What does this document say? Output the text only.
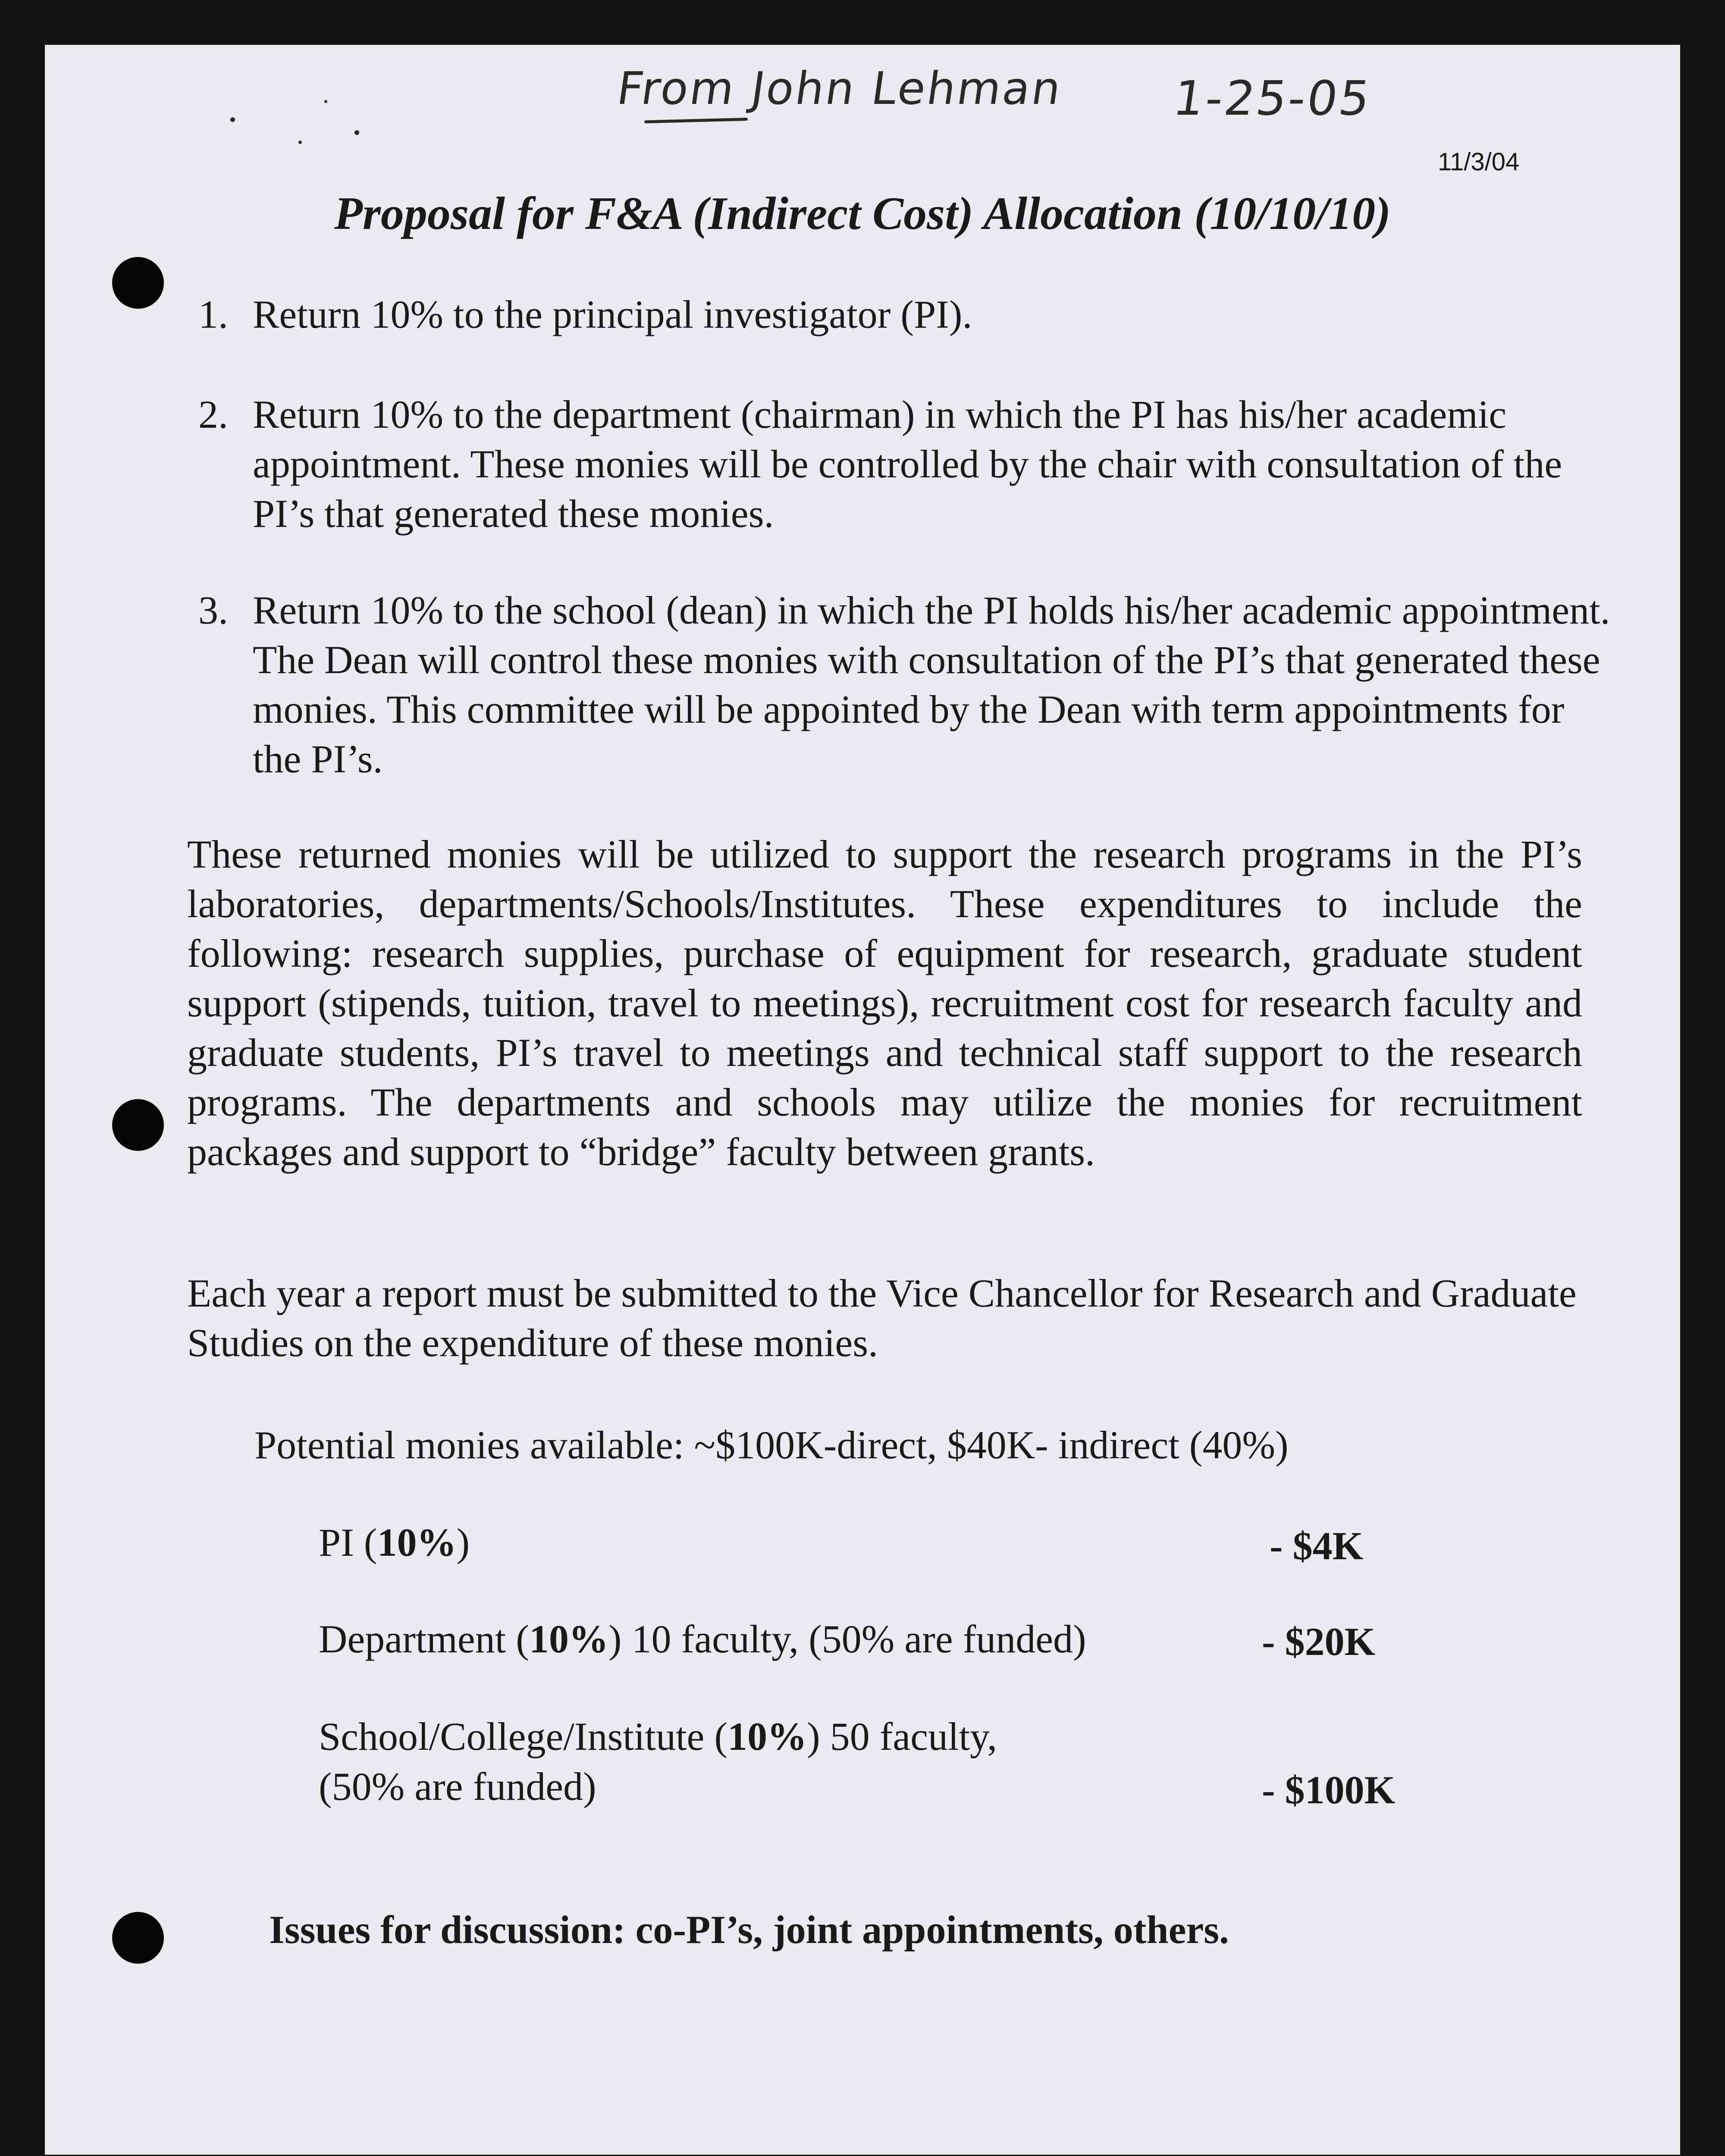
From John Lehman 1-25-05
11/3/04
Proposal for F&A (Indirect Cost) Allocation (10/10/10)
1. Return 10% to the principal investigator (PI).
2. Return 10% to the department (chairman) in which the PI has his/her academic appointment. These monies will be controlled by the chair with consultation of the PI’s that generated these monies.
3. Return 10% to the school (dean) in which the PI holds his/her academic appointment. The Dean will control these monies with consultation of the PI’s that generated these monies. This committee will be appointed by the Dean with term appointments for the PI’s.
These returned monies will be utilized to support the research programs in the PI’s laboratories, departments/Schools/Institutes. These expenditures to include the following: research supplies, purchase of equipment for research, graduate student support (stipends, tuition, travel to meetings), recruitment cost for research faculty and graduate students, PI’s travel to meetings and technical staff support to the research programs. The departments and schools may utilize the monies for recruitment packages and support to “bridge” faculty between grants.
Each year a report must be submitted to the Vice Chancellor for Research and Graduate Studies on the expenditure of these monies.
Potential monies available: ~$100K-direct, $40K- indirect (40%)
PI (10%)	- $4K
Department (10%) 10 faculty, (50% are funded)	- $20K
School/College/Institute (10%) 50 faculty,
(50% are funded)	- $100K
Issues for discussion: co-PI’s, joint appointments, others.
